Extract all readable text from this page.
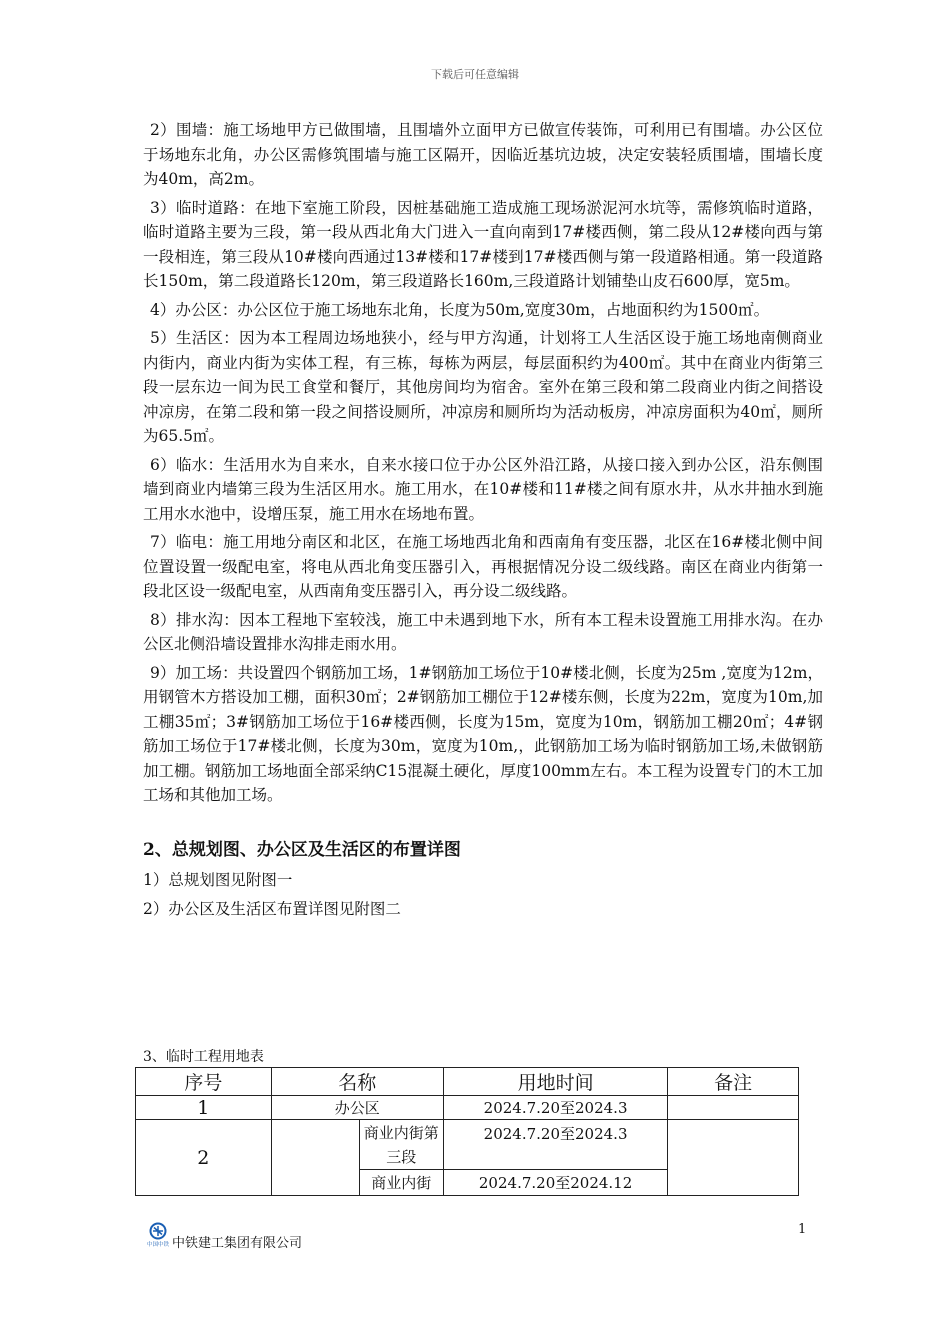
下载后可任意编辑

2）围墙：施工场地甲方已做围墙，且围墙外立面甲方已做宣传装饰，可利用已有围墙。办公区位于场地东北角，办公区需修筑围墙与施工区隔开，因临近基坑边坡，决定安装轻质围墙，围墙长度为40m，高2m。

3）临时道路：在地下室施工阶段，因桩基础施工造成施工现场淤泥河水坑等，需修筑临时道路，临时道路主要为三段，第一段从西北角大门进入一直向南到17#楼西侧，第二段从12#楼向西与第一段相连，第三段从10#楼向西通过13#楼和17#楼到17#楼西侧与第一段道路相通。第一段道路长150m，第二段道路长120m，第三段道路长160m,三段道路计划铺垫山皮石600厚，宽5m。

4）办公区：办公区位于施工场地东北角，长度为50m,宽度30m，占地面积约为1500㎡。

5）生活区：因为本工程周边场地狭小，经与甲方沟通，计划将工人生活区设于施工场地南侧商业内街内，商业内街为实体工程，有三栋，每栋为两层，每层面积约为400㎡。其中在商业内街第三段一层东边一间为民工食堂和餐厅，其他房间均为宿舍。室外在第三段和第二段商业内街之间搭设冲凉房，在第二段和第一段之间搭设厕所，冲凉房和厕所均为活动板房，冲凉房面积为40㎡，厕所为65.5㎡。

6）临水：生活用水为自来水，自来水接口位于办公区外沿江路，从接口接入到办公区，沿东侧围墙到商业内墙第三段为生活区用水。施工用水，在10#楼和11#楼之间有原水井，从水井抽水到施工用水水池中，设增压泵，施工用水在场地布置。

7）临电：施工用地分南区和北区，在施工场地西北角和西南角有变压器，北区在16#楼北侧中间位置设置一级配电室，将电从西北角变压器引入，再根据情况分设二级线路。南区在商业内街第一段北区设一级配电室，从西南角变压器引入，再分设二级线路。

8）排水沟：因本工程地下室较浅，施工中未遇到地下水，所有本工程未设置施工用排水沟。在办公区北侧沿墙设置排水沟排走雨水用。

9）加工场：共设置四个钢筋加工场，1#钢筋加工场位于10#楼北侧，长度为25m ,宽度为12m，用钢管木方搭设加工棚，面积30㎡；2#钢筋加工棚位于12#楼东侧，长度为22m，宽度为10m,加工棚35㎡；3#钢筋加工场位于16#楼西侧，长度为15m，宽度为10m，钢筋加工棚20㎡；4#钢筋加工场位于17#楼北侧，长度为30m，宽度为10m,，此钢筋加工场为临时钢筋加工场,未做钢筋加工棚。钢筋加工场地面全部采纳C15混凝土硬化，厚度100mm左右。本工程为设置专门的木工加工场和其他加工场。

2、总规划图、办公区及生活区的布置详图
1）总规划图见附图一
2）办公区及生活区布置详图见附图二
3、临时工程用地表
序号	名称		用地时间	备注
1	办公区		2024.7.20至2024.3	
2		商业内街第三段	2024.7.20至2024.3	
		商业内街	2024.7.20至2024.12	
中国中铁 中铁建工集团有限公司
1
